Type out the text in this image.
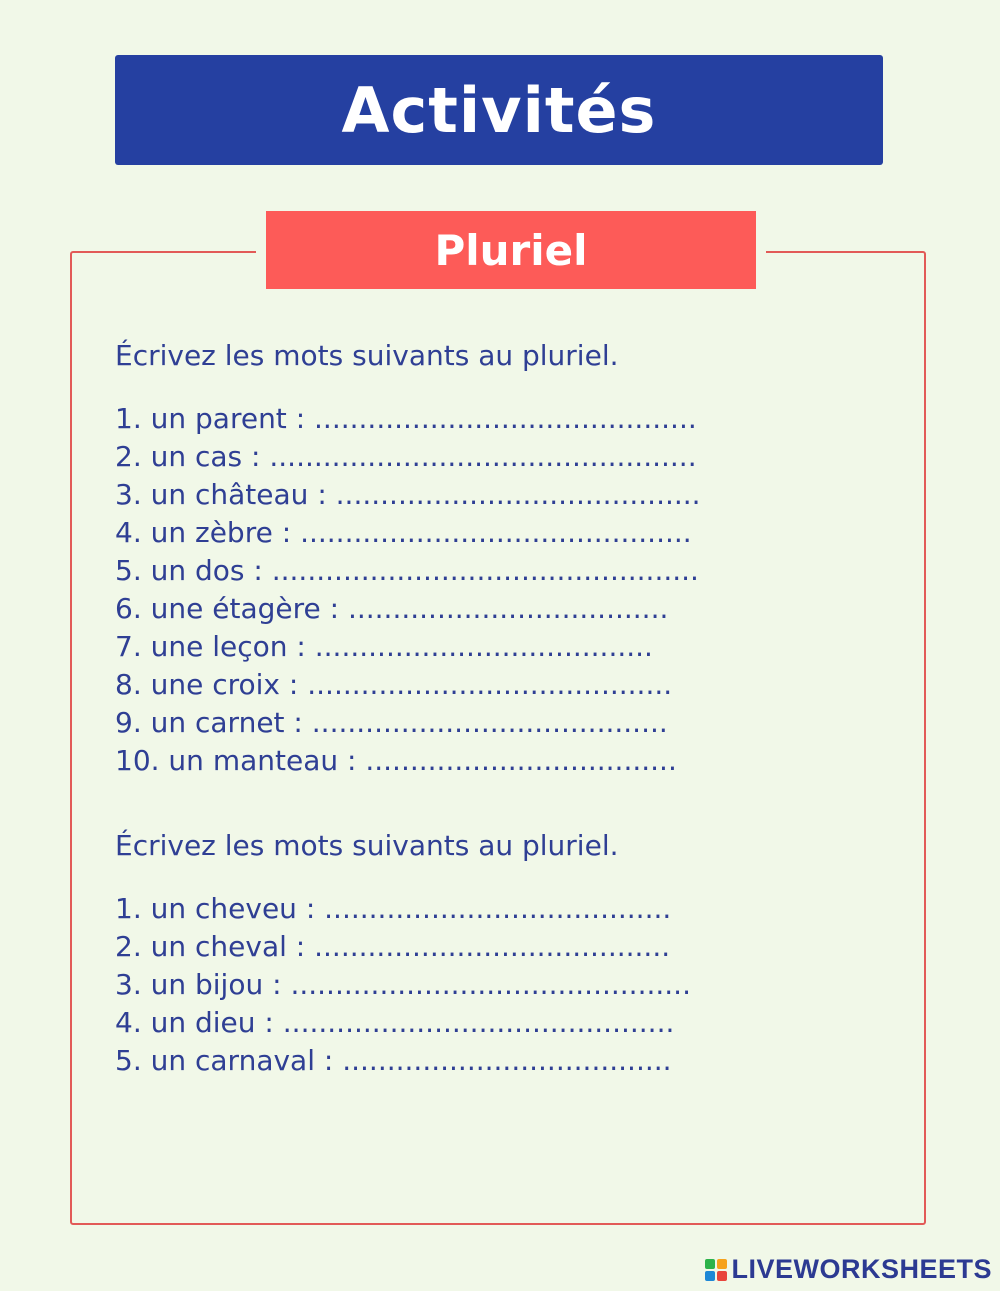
Activités
Pluriel

Écrivez les mots suivants au pluriel.

1. un parent : ...........................................
2. un cas : ................................................
3. un château : .........................................
4. un zèbre : ............................................
5. un dos : ................................................
6. une étagère : ....................................
7. une leçon : ......................................
8. une croix : .........................................
9. un carnet : ........................................
10. un manteau : ...................................

Écrivez les mots suivants au pluriel.

1. un cheveu : .......................................
2. un cheval : ........................................
3. un bijou : .............................................
4. un dieu : ............................................
5. un carnaval : .....................................
LIVEWORKSHEETS
